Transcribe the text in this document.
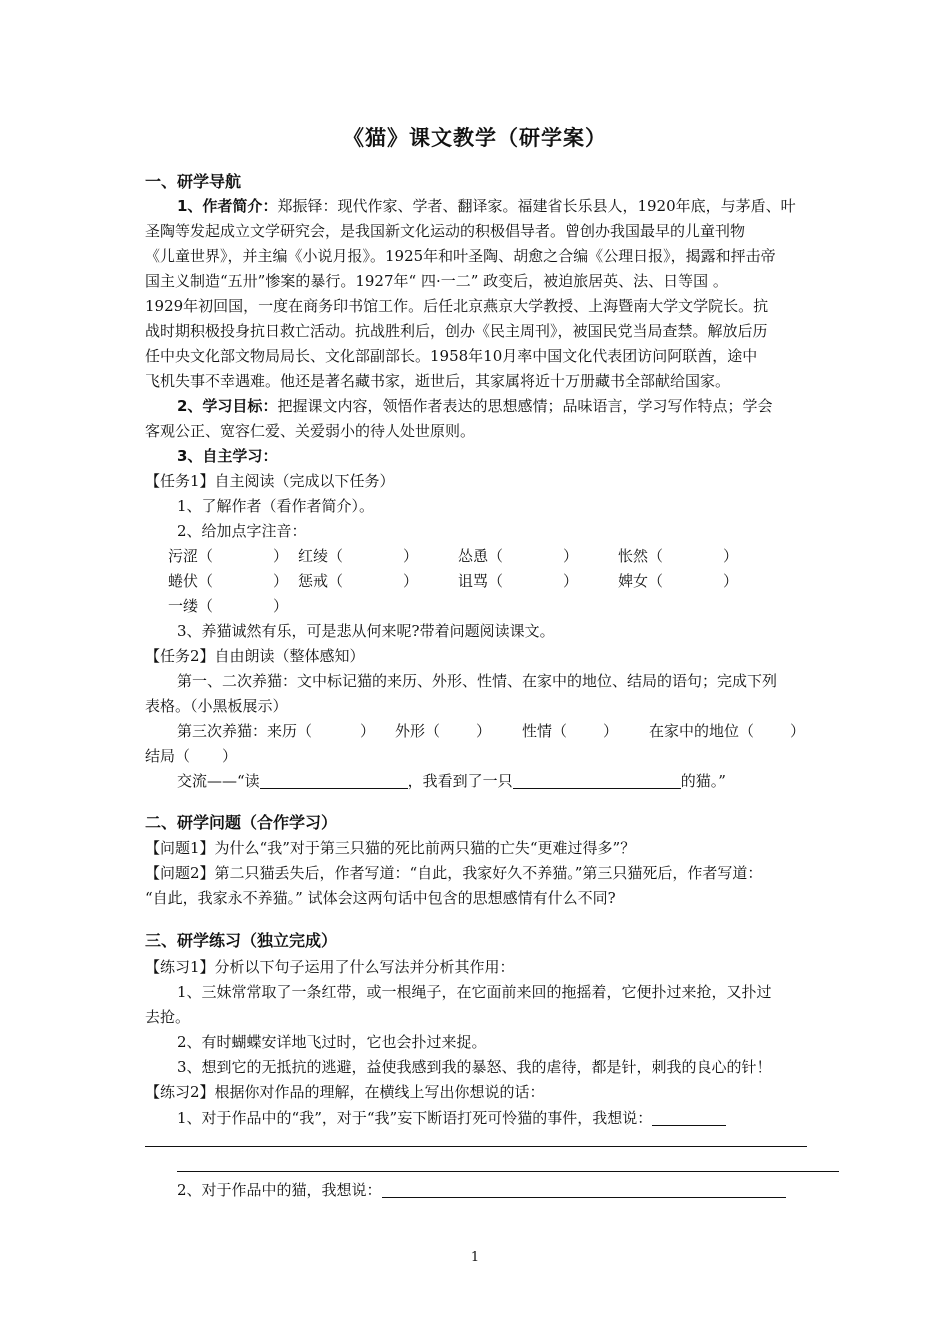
《猫》课文教学（研学案）
一、研学导航
1、作者简介：郑振铎：现代作家、学者、翻译家。福建省长乐县人，1920年底，与茅盾、叶
圣陶等发起成立文学研究会，是我国新文化运动的积极倡导者。曾创办我国最早的儿童刊物
《儿童世界》，并主编《小说月报》。1925年和叶圣陶、胡愈之合编《公理日报》，揭露和抨击帝
国主义制造“五卅”惨案的暴行。1927年“ 四·一二” 政变后，被迫旅居英、法、日等国 。
1929年初回国，一度在商务印书馆工作。后任北京燕京大学教授、上海暨南大学文学院长。抗
战时期积极投身抗日救亡活动。抗战胜利后，创办《民主周刊》，被国民党当局查禁。解放后历
任中央文化部文物局局长、文化部副部长。1958年10月率中国文化代表团访问阿联酋，途中
飞机失事不幸遇难。他还是著名藏书家，逝世后，其家属将近十万册藏书全部献给国家。
2、学习目标：把握课文内容，领悟作者表达的思想感情；品味语言，学习写作特点；学会
客观公正、宽容仁爱、关爱弱小的待人处世原则。
3、自主学习：
【任务1】自主阅读（完成以下任务）
1、了解作者（看作者简介）。
2、给加点字注音：
污涩（	） 红绫（	）	怂恿（	）	怅然（	）
蜷伏（	） 惩戒（	）	诅骂（	）	婢女（	）
一缕（	）
3、养猫诚然有乐，可是悲从何来呢?带着问题阅读课文。
【任务2】自由朗读（整体感知）
第一、二次养猫：文中标记猫的来历、外形、性情、在家中的地位、结局的语句；完成下列
表格。（小黑板展示）
第三次养猫：来历（	） 外形（ ） 性情（ ） 在家中的地位（ ）
结局（ ）
交流——“读	，我看到了一只	的猫。”
二、研学问题（合作学习）
【问题1】为什么“我”对于第三只猫的死比前两只猫的亡失“更难过得多”？
【问题2】第二只猫丢失后，作者写道：“自此，我家好久不养猫。”第三只猫死后，作者写道：
“自此，我家永不养猫。” 试体会这两句话中包含的思想感情有什么不同?
三、研学练习（独立完成）
【练习1】分析以下句子运用了什么写法并分析其作用：
1、三妹常常取了一条红带，或一根绳子，在它面前来回的拖摇着，它便扑过来抢，又扑过
去抢。
2、有时蝴蝶安详地飞过时，它也会扑过来捉。
3、想到它的无抵抗的逃避，益使我感到我的暴怒、我的虐待，都是针，刺我的良心的针！
【练习2】根据你对作品的理解，在横线上写出你想说的话：
1、对于作品中的“我”，对于“我”妄下断语打死可怜猫的事件，我想说：
2、对于作品中的猫，我想说：
1
